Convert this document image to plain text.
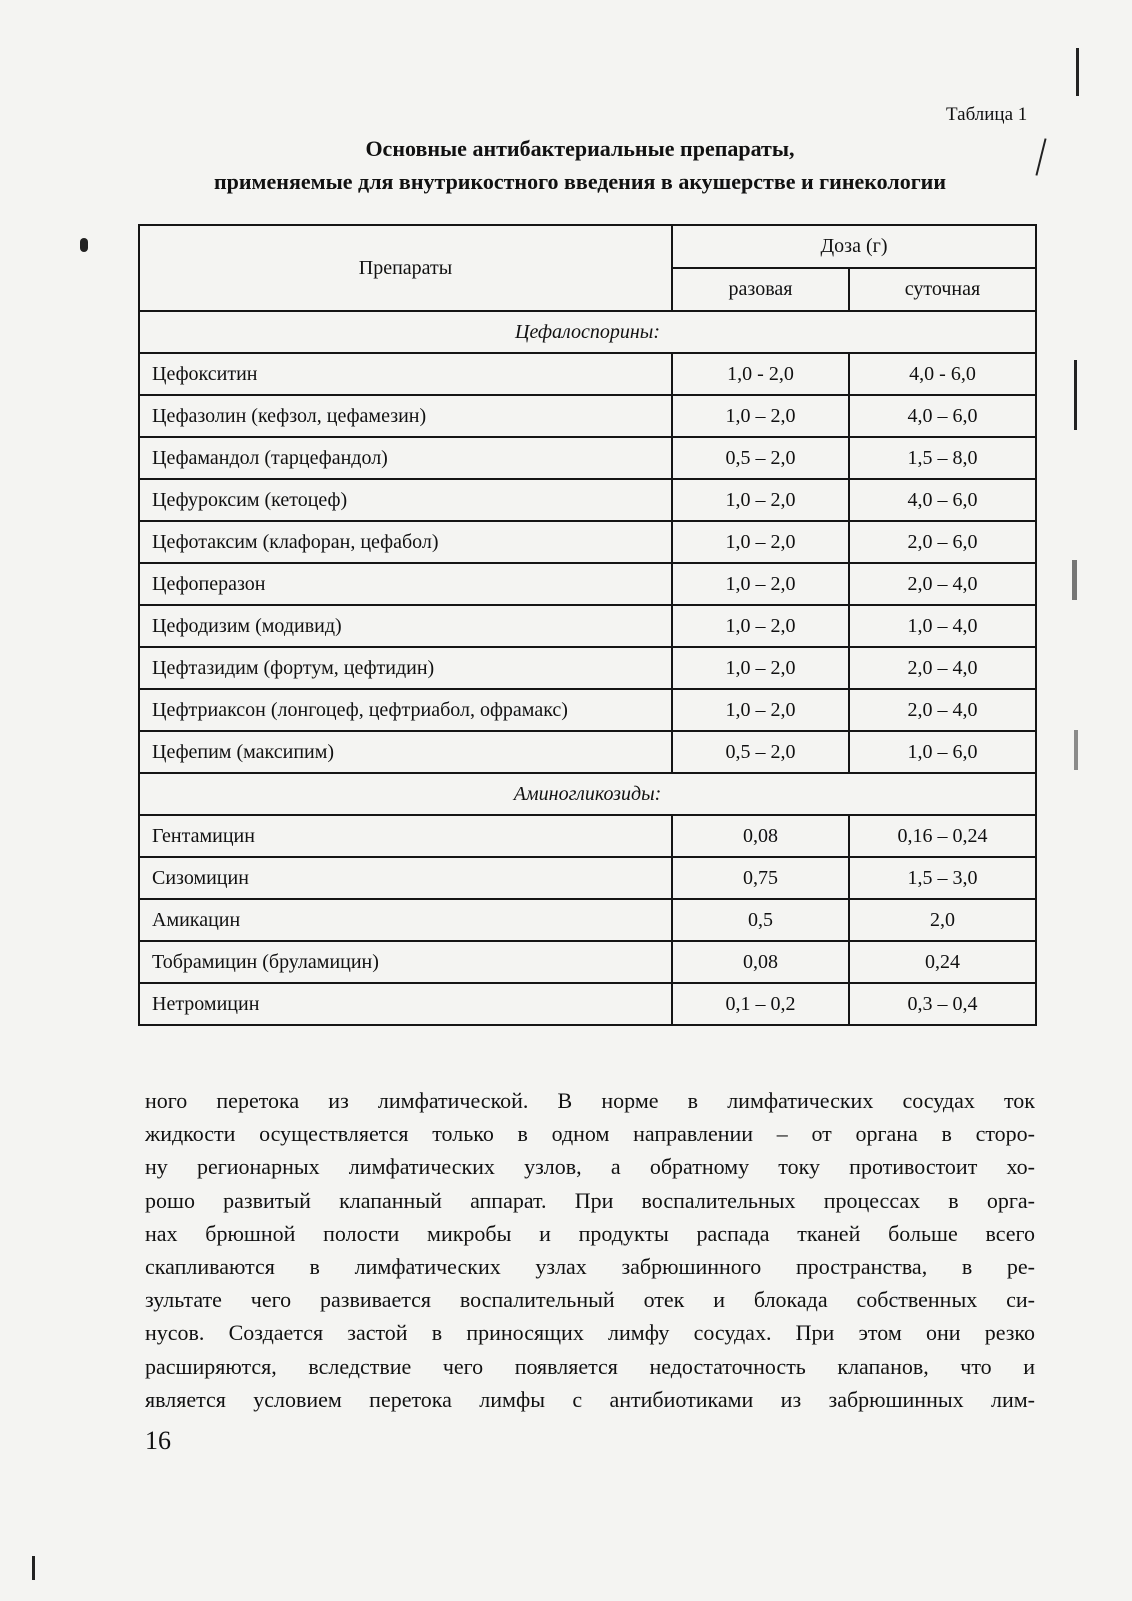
Таблица 1
Основные антибактериальные препараты,
применяемые для внутрикостного введения в акушерстве и гинекологии
Препараты	Доза (г)	
	разовая	суточная
Цефалоспорины:		
Цефокситин	1,0 - 2,0	4,0 - 6,0
Цефазолин (кефзол, цефамезин)	1,0 – 2,0	4,0 – 6,0
Цефамандол (тарцефандол)	0,5 – 2,0	1,5 – 8,0
Цефуроксим (кетоцеф)	1,0 – 2,0	4,0 – 6,0
Цефотаксим (клафоран, цефабол)	1,0 – 2,0	2,0 – 6,0
Цефоперазон	1,0 – 2,0	2,0 – 4,0
Цефодизим (модивид)	1,0 – 2,0	1,0 – 4,0
Цефтазидим (фортум, цефтидин)	1,0 – 2,0	2,0 – 4,0
Цефтриаксон (лонгоцеф, цефтриабол, офрамакс)	1,0 – 2,0	2,0 – 4,0
Цефепим (максипим)	0,5 – 2,0	1,0 – 6,0
Аминогликозиды:		
Гентамицин	0,08	0,16 – 0,24
Сизомицин	0,75	1,5 – 3,0
Амикацин	0,5	2,0
Тобрамицин (бруламицин)	0,08	0,24
Нетромицин	0,1 – 0,2	0,3 – 0,4
ного перетока из лимфатической. В норме в лимфатических сосудах ток
жидкости осуществляется только в одном направлении – от органа в сторо-
ну регионарных лимфатических узлов, а обратному току противостоит хо-
рошо развитый клапанный аппарат. При воспалительных процессах в орга-
нах брюшной полости микробы и продукты распада тканей больше всего
скапливаются в лимфатических узлах забрюшинного пространства, в ре-
зультате чего развивается воспалительный отек и блокада собственных си-
нусов. Создается застой в приносящих лимфу сосудах. При этом они резко
расширяются, вследствие чего появляется недостаточность клапанов, что и
является условием перетока лимфы с антибиотиками из забрюшинных лим-
16
